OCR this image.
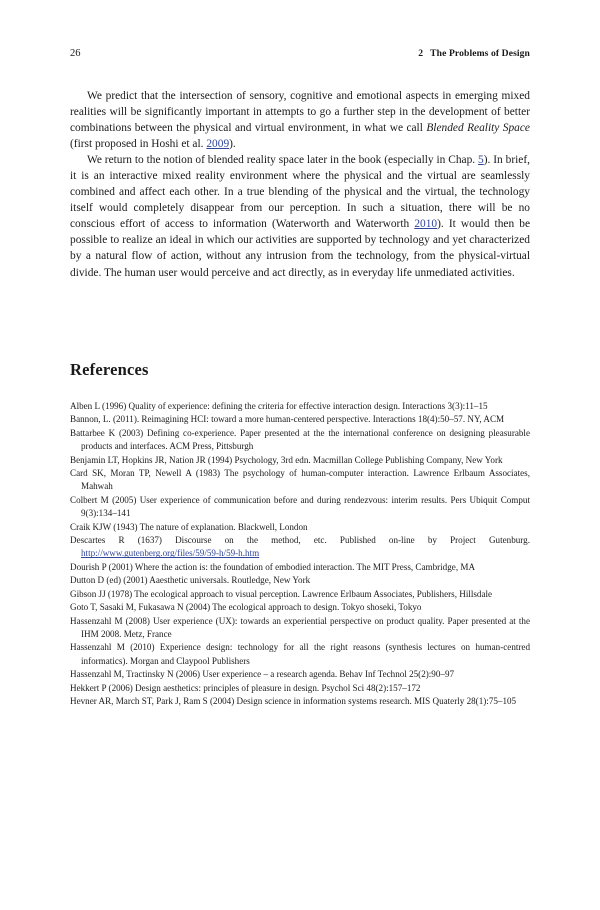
26	2 The Problems of Design

We predict that the intersection of sensory, cognitive and emotional aspects in emerging mixed realities will be significantly important in attempts to go a further step in the development of better combinations between the physical and virtual environment, in what we call Blended Reality Space (first proposed in Hoshi et al. 2009).

We return to the notion of blended reality space later in the book (especially in Chap. 5). In brief, it is an interactive mixed reality environment where the physical and the virtual are seamlessly combined and affect each other. In a true blending of the physical and the virtual, the technology itself would completely disappear from our perception. In such a situation, there will be no conscious effort of access to information (Waterworth and Waterworth 2010). It would then be possible to realize an ideal in which our activities are supported by technology and yet characterized by a natural flow of action, without any intrusion from the technology, from the physical-virtual divide. The human user would perceive and act directly, as in everyday life unmediated activities.

References

Alben L (1996) Quality of experience: defining the criteria for effective interaction design. Interactions 3(3):11–15

Bannon, L. (2011). Reimagining HCI: toward a more human-centered perspective. Interactions 18(4):50–57. NY, ACM

Battarbee K (2003) Defining co-experience. Paper presented at the the international conference on designing pleasurable products and interfaces. ACM Press, Pittsburgh

Benjamin LT, Hopkins JR, Nation JR (1994) Psychology, 3rd edn. Macmillan College Publishing Company, New York

Card SK, Moran TP, Newell A (1983) The psychology of human-computer interaction. Lawrence Erlbaum Associates, Mahwah

Colbert M (2005) User experience of communication before and during rendezvous: interim results. Pers Ubiquit Comput 9(3):134–141

Craik KJW (1943) The nature of explanation. Blackwell, London

Descartes R (1637) Discourse on the method, etc. Published on-line by Project Gutenburg. http://www.gutenberg.org/files/59/59-h/59-h.htm

Dourish P (2001) Where the action is: the foundation of embodied interaction. The MIT Press, Cambridge, MA

Dutton D (ed) (2001) Aaesthetic universals. Routledge, New York

Gibson JJ (1978) The ecological approach to visual perception. Lawrence Erlbaum Associates, Publishers, Hillsdale

Goto T, Sasaki M, Fukasawa N (2004) The ecological approach to design. Tokyo shoseki, Tokyo

Hassenzahl M (2008) User experience (UX): towards an experiential perspective on product quality. Paper presented at the IHM 2008. Metz, France

Hassenzahl M (2010) Experience design: technology for all the right reasons (synthesis lectures on human-centred informatics). Morgan and Claypool Publishers

Hassenzahl M, Tractinsky N (2006) User experience – a research agenda. Behav Inf Technol 25(2):90–97

Hekkert P (2006) Design aesthetics: principles of pleasure in design. Psychol Sci 48(2):157–172

Hevner AR, March ST, Park J, Ram S (2004) Design science in information systems research. MIS Quaterly 28(1):75–105
